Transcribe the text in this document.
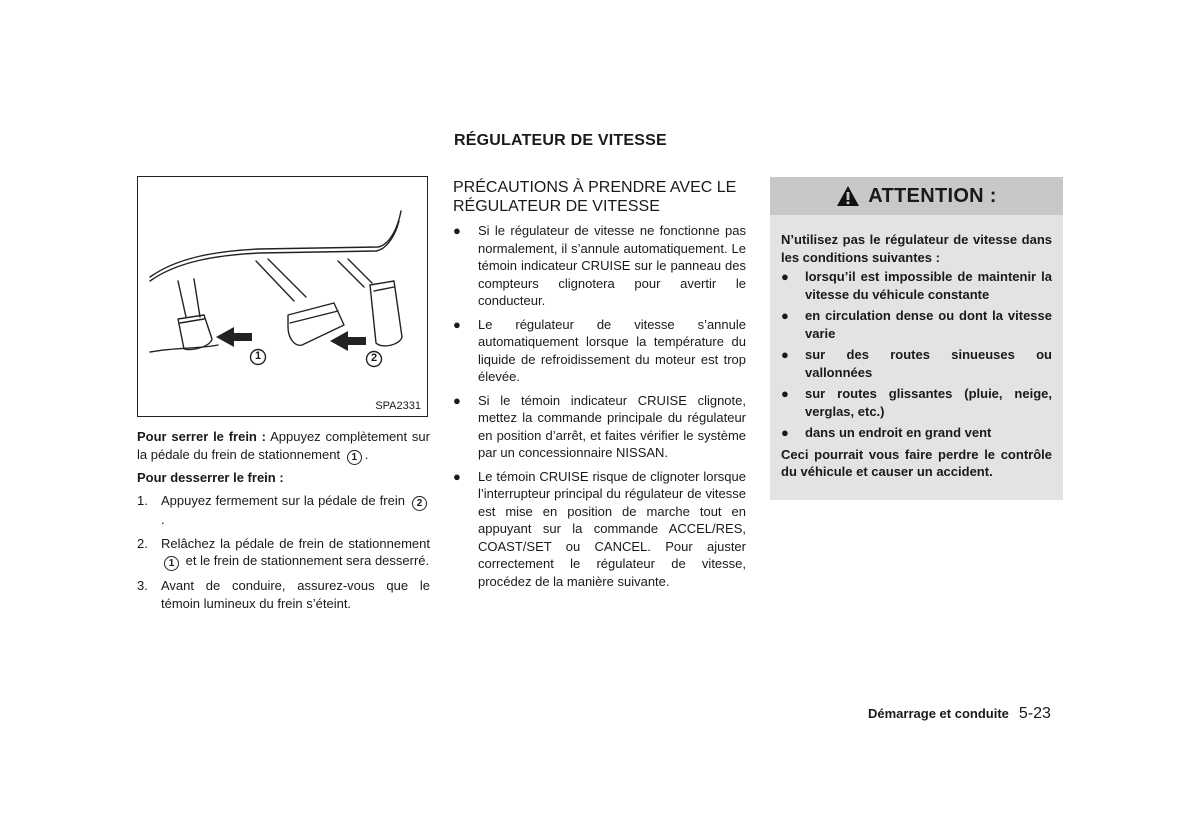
RÉGULATEUR DE VITESSE
1	2
SPA2331

Pour serrer le frein : Appuyez complètement sur la pédale du frein de stationnement 1 .

Pour desserrer le frein :

1. Appuyez fermement sur la pédale de frein 2.
2. Relâchez la pédale de frein de stationnement 1 et le frein de stationnement sera desserré.
3. Avant de conduire, assurez-vous que le témoin lumineux du frein s’éteint.
PRÉCAUTIONS À PRENDRE AVEC LE RÉGULATEUR DE VITESSE
● Si le régulateur de vitesse ne fonctionne pas normalement, il s’annule automatiquement. Le témoin indicateur CRUISE sur le panneau des compteurs clignotera pour avertir le conducteur.
● Le régulateur de vitesse s’annule automatiquement lorsque la température du liquide de refroidissement du moteur est trop élevée.
● Si le témoin indicateur CRUISE clignote, mettez la commande principale du régulateur en position d’arrêt, et faites vérifier le système par un concessionnaire NISSAN.
● Le témoin CRUISE risque de clignoter lorsque l’interrupteur principal du régulateur de vitesse est mise en position de marche tout en appuyant sur la commande ACCEL/RES, COAST/SET ou CANCEL. Pour ajuster correctement le régulateur de vitesse, procédez de la manière suivante.
ATTENTION :

N’utilisez pas le régulateur de vitesse dans les conditions suivantes :

● lorsqu’il est impossible de maintenir la vitesse du véhicule constante
● en circulation dense ou dont la vitesse varie
● sur des routes sinueuses ou vallonnées
● sur routes glissantes (pluie, neige, verglas, etc.)
● dans un endroit en grand vent

Ceci pourrait vous faire perdre le contrôle du véhicule et causer un accident.

Démarrage et conduite 5-23
